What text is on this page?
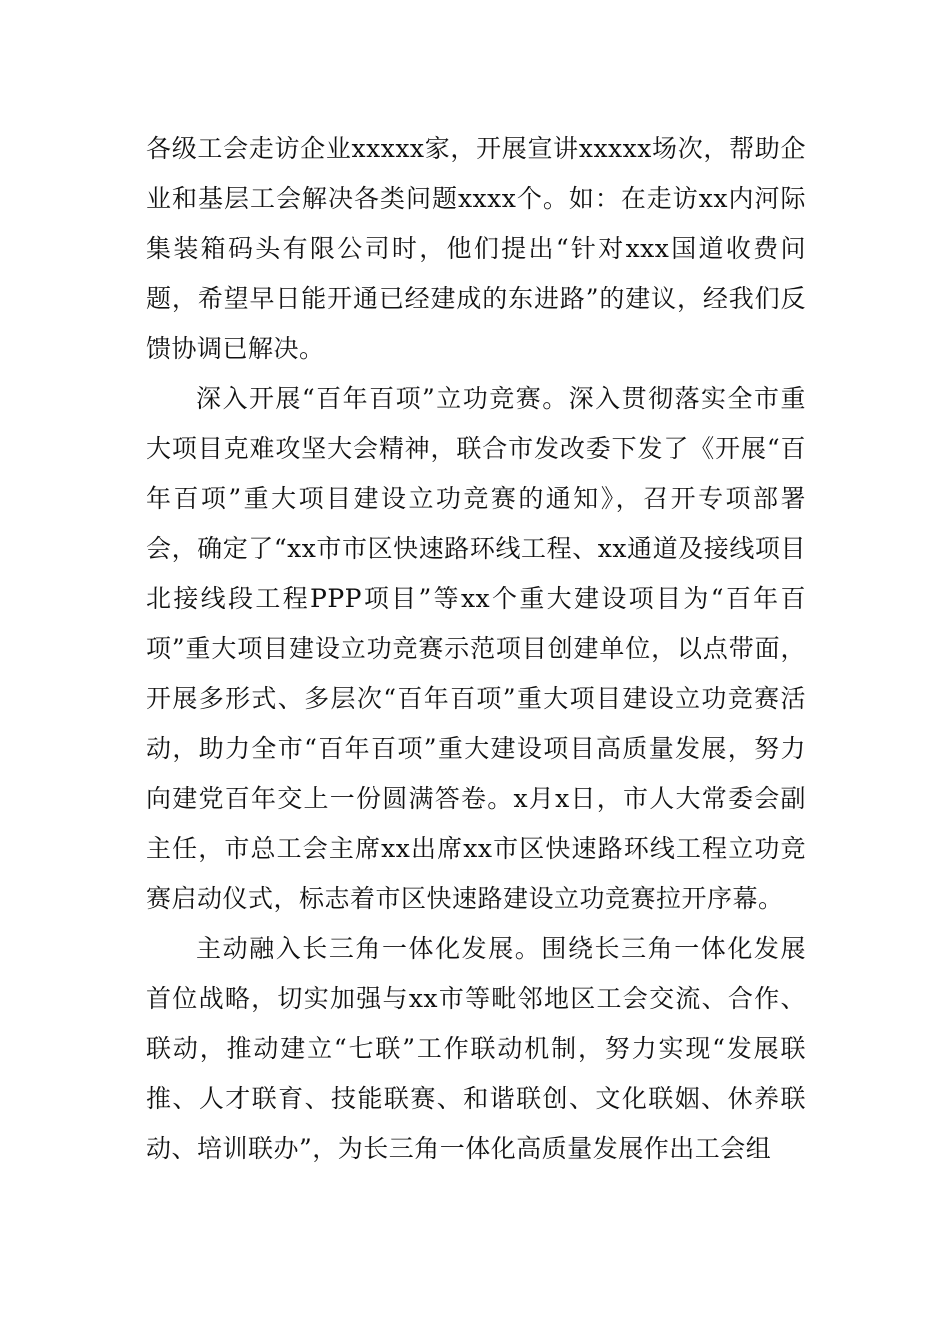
各级工会走访企业xxxxx家，开展宣讲xxxxx场次，帮助企业和基层工会解决各类问题xxxx个。如：在走访xx内河际集装箱码头有限公司时，他们提出“针对xxx国道收费问题，希望早日能开通已经建成的东进路”的建议，经我们反馈协调已解决。

深入开展“百年百项”立功竞赛。深入贯彻落实全市重大项目克难攻坚大会精神，联合市发改委下发了《开展“百年百项”重大项目建设立功竞赛的通知》，召开专项部署会，确定了“xx市市区快速路环线工程、xx通道及接线项目北接线段工程PPP项目”等xx个重大建设项目为“百年百项”重大项目建设立功竞赛示范项目创建单位，以点带面，开展多形式、多层次“百年百项”重大项目建设立功竞赛活动，助力全市“百年百项”重大建设项目高质量发展，努力向建党百年交上一份圆满答卷。x月x日，市人大常委会副主任，市总工会主席xx出席xx市区快速路环线工程立功竞赛启动仪式，标志着市区快速路建设立功竞赛拉开序幕。

主动融入长三角一体化发展。围绕长三角一体化发展首位战略，切实加强与xx市等毗邻地区工会交流、合作、联动，推动建立“七联”工作联动机制，努力实现“发展联推、人才联育、技能联赛、和谐联创、文化联姻、休养联动、培训联办”，为长三角一体化高质量发展作出工会组
